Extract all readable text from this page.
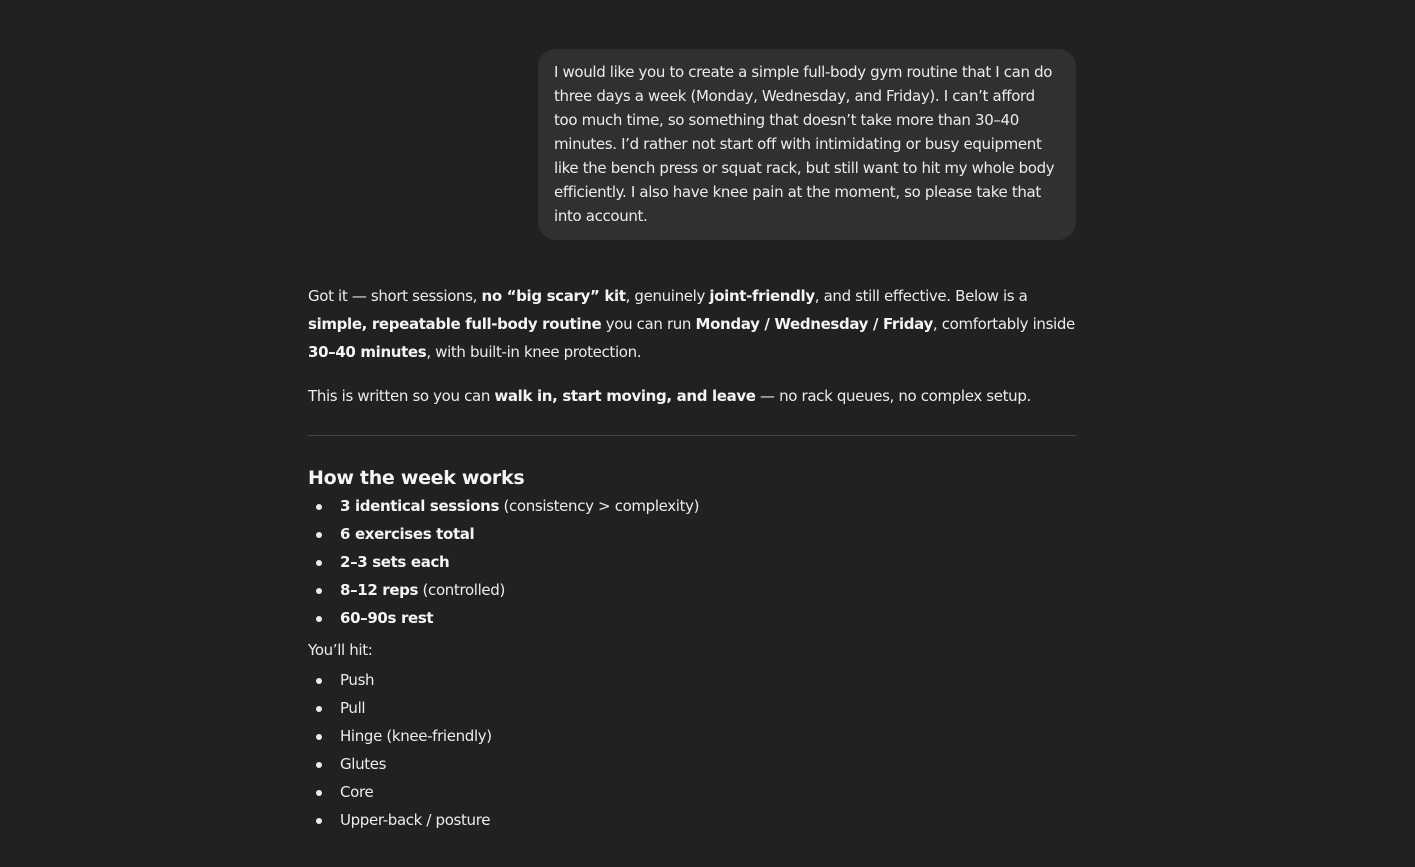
I would like you to create a simple full-body gym routine that I can do three days a week (Monday, Wednesday, and Friday). I can’t afford too much time, so something that doesn’t take more than 30–40 minutes. I’d rather not start off with intimidating or busy equipment like the bench press or squat rack, but still want to hit my whole body efficiently. I also have knee pain at the moment, so please take that into account.

Got it — short sessions, no “big scary” kit, genuinely joint-friendly, and still effective. Below is a simple, repeatable full-body routine you can run Monday / Wednesday / Friday, comfortably inside 30–40 minutes, with built-in knee protection.

This is written so you can walk in, start moving, and leave — no rack queues, no complex setup.

How the week works
3 identical sessions (consistency > complexity)
6 exercises total
2–3 sets each
8–12 reps (controlled)
60–90s rest
You’ll hit:
Push
Pull
Hinge (knee-friendly)
Glutes
Core
Upper-back / posture
